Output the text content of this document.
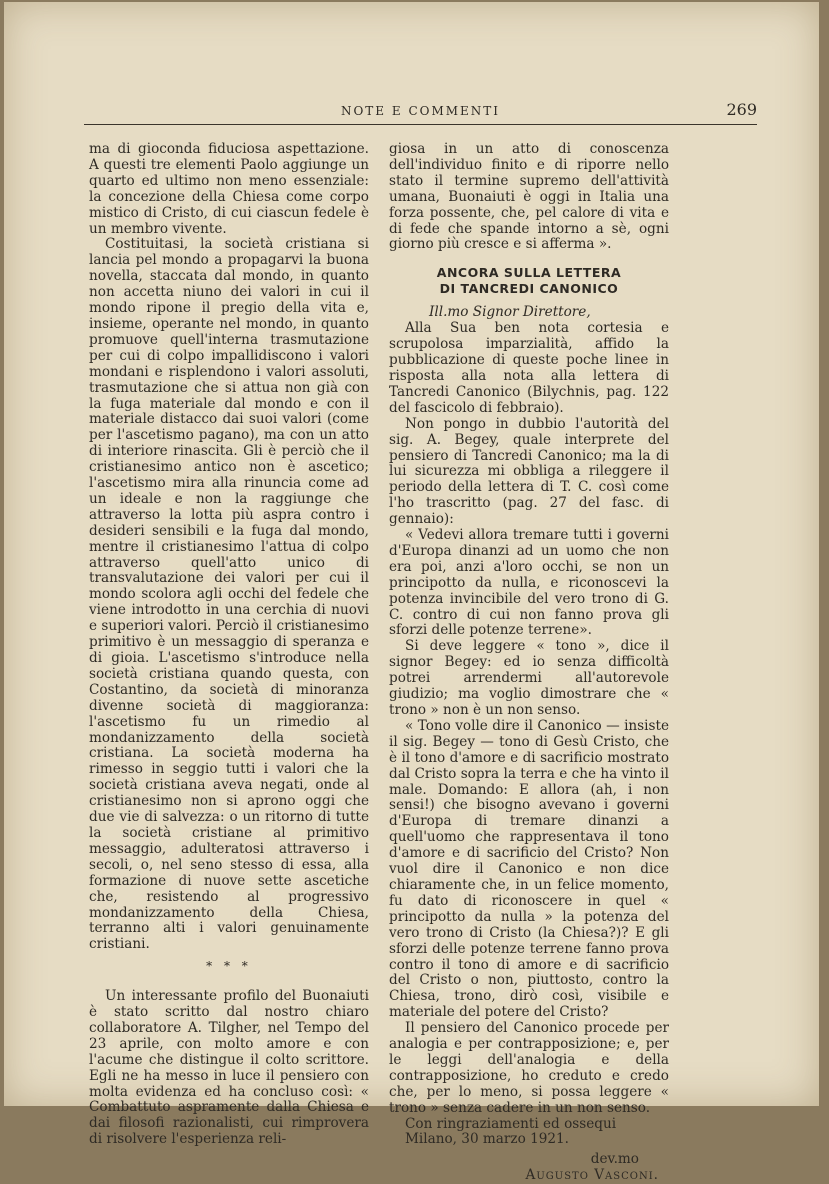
NOTE E COMMENTI	269

ma di gioconda fiduciosa aspettazione. A questi tre elementi Paolo aggiunge un quarto ed ultimo non meno essenziale: la concezione della Chiesa come corpo mistico di Cristo, di cui ciascun fedele è un membro vivente.

Costituitasi, la società cristiana si lancia pel mondo a propagarvi la buona novella, staccata dal mondo, in quanto non accetta niuno dei valori in cui il mondo ripone il pregio della vita e, insieme, operante nel mondo, in quanto promuove quell'interna trasmutazione per cui di colpo impallidiscono i valori mondani e risplendono i valori assoluti, trasmutazione che si attua non già con la fuga materiale dal mondo e con il materiale distacco dai suoi valori (come per l'ascetismo pagano), ma con un atto di interiore rinascita. Gli è perciò che il cristianesimo antico non è ascetico; l'ascetismo mira alla rinuncia come ad un ideale e non la raggiunge che attraverso la lotta più aspra contro i desideri sensibili e la fuga dal mondo, mentre il cristianesimo l'attua di colpo attraverso quell'atto unico di transvalutazione dei valori per cui il mondo scolora agli occhi del fedele che viene introdotto in una cerchia di nuovi e superiori valori. Perciò il cristianesimo primitivo è un messaggio di speranza e di gioia. L'ascetismo s'introduce nella società cristiana quando questa, con Costantino, da società di minoranza divenne società di maggioranza: l'ascetismo fu un rimedio al mondanizzamento della società cristiana. La società moderna ha rimesso in seggio tutti i valori che la società cristiana aveva negati, onde al cristianesimo non si aprono oggi che due vie di salvezza: o un ritorno di tutte la società cristiane al primitivo messaggio, adulteratosi attraverso i secoli, o, nel seno stesso di essa, alla formazione di nuove sette ascetiche che, resistendo al progressivo mondanizzamento della Chiesa, terranno alti i valori genuinamente cristiani.

* * *

Un interessante profilo del Buonaiuti è stato scritto dal nostro chiaro collaboratore A. Tilgher, nel Tempo del 23 aprile, con molto amore e con l'acume che distingue il colto scrittore. Egli ne ha messo in luce il pensiero con molta evidenza ed ha concluso così: « Combattuto aspramente dalla Chiesa e dai filosofi razionalisti, cui rimprovera di risolvere l'esperienza reli-

giosa in un atto di conoscenza dell'individuo finito e di riporre nello stato il termine supremo dell'attività umana, Buonaiuti è oggi in Italia una forza possente, che, pel calore di vita e di fede che spande intorno a sè, ogni giorno più cresce e si afferma ».

ANCORA SULLA LETTERA
DI TANCREDI CANONICO

Ill.mo Signor Direttore,

Alla Sua ben nota cortesia e scrupolosa imparzialità, affido la pubblicazione di queste poche linee in risposta alla nota alla lettera di Tancredi Canonico (Bilychnis, pag. 122 del fascicolo di febbraio).

Non pongo in dubbio l'autorità del sig. A. Begey, quale interprete del pensiero di Tancredi Canonico; ma la di lui sicurezza mi obbliga a rileggere il periodo della lettera di T. C. così come l'ho trascritto (pag. 27 del fasc. di gennaio):

« Vedevi allora tremare tutti i governi d'Europa dinanzi ad un uomo che non era poi, anzi a'loro occhi, se non un principotto da nulla, e riconoscevi la potenza invincibile del vero trono di G. C. contro di cui non fanno prova gli sforzi delle potenze terrene».

Si deve leggere « tono », dice il signor Begey: ed io senza difficoltà potrei arrendermi all'autorevole giudizio; ma voglio dimostrare che « trono » non è un non senso.

« Tono volle dire il Canonico — insiste il sig. Begey — tono di Gesù Cristo, che è il tono d'amore e di sacrificio mostrato dal Cristo sopra la terra e che ha vinto il male. Domando: E allora (ah, i non sensi!) che bisogno avevano i governi d'Europa di tremare dinanzi a quell'uomo che rappresentava il tono d'amore e di sacrificio del Cristo? Non vuol dire il Canonico e non dice chiaramente che, in un felice momento, fu dato di riconoscere in quel « principotto da nulla » la potenza del vero trono di Cristo (la Chiesa?)? E gli sforzi delle potenze terrene fanno prova contro il tono di amore e di sacrificio del Cristo o non, piuttosto, contro la Chiesa, trono, dirò così, visibile e materiale del potere del Cristo?

Il pensiero del Canonico procede per analogia e per contrapposizione; e, per le leggi dell'analogia e della contrapposizione, ho creduto e credo che, per lo meno, si possa leggere « trono » senza cadere in un non senso.

Con ringraziamenti ed ossequi

Milano, 30 marzo 1921.

dev.mo
Augusto Vasconi.
